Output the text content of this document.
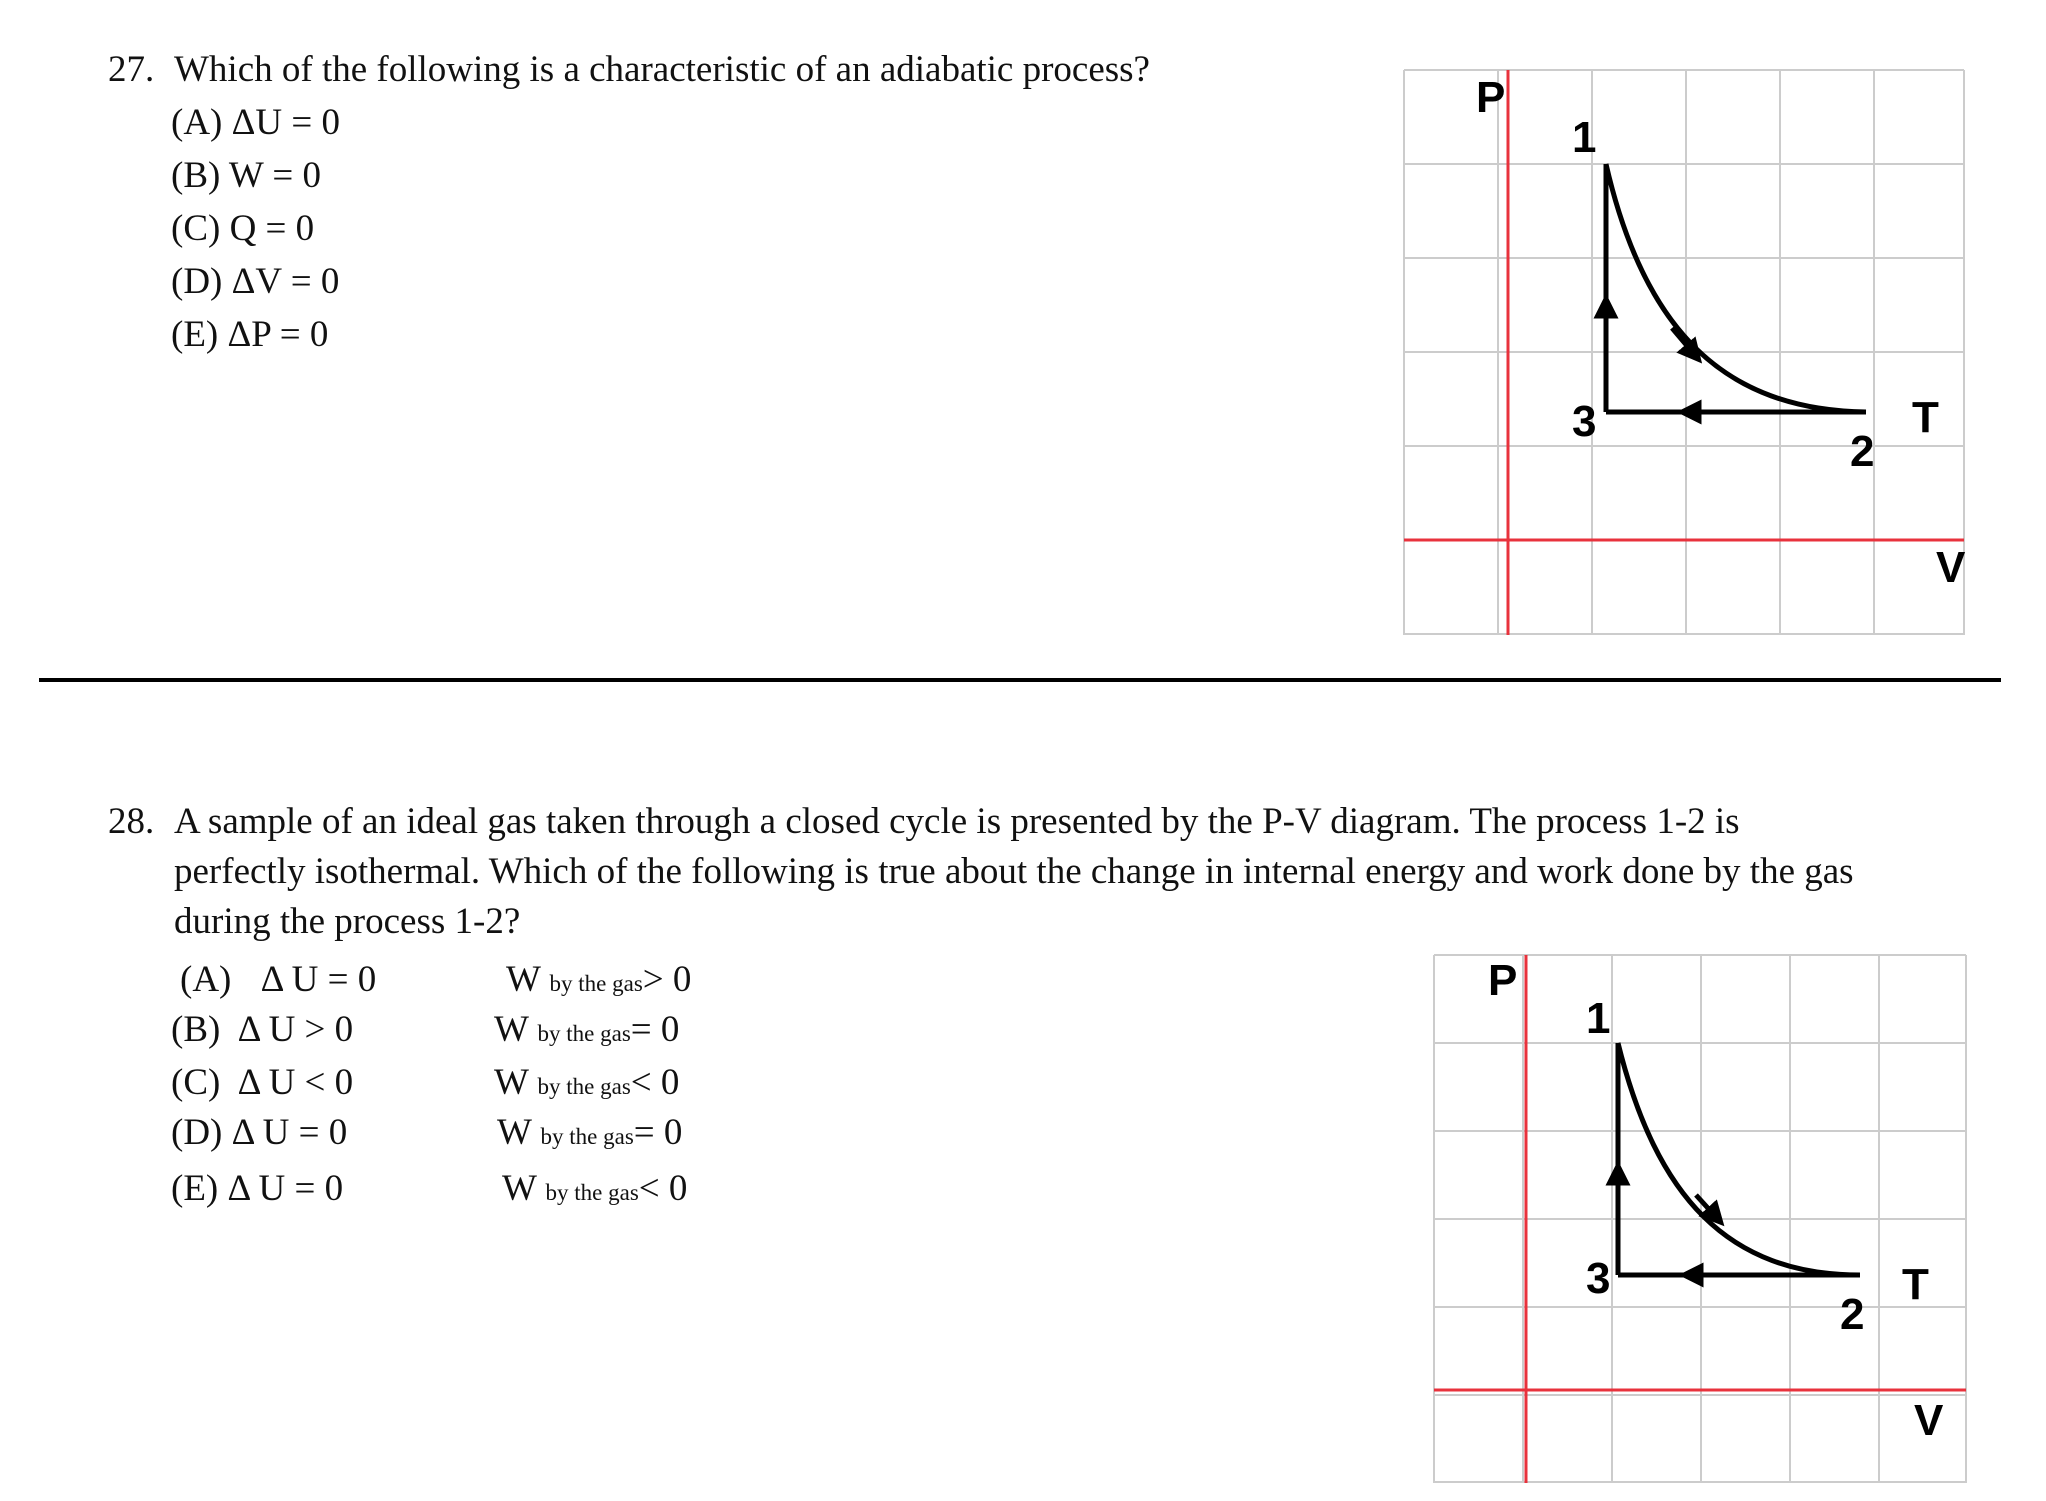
27. Which of the following is a characteristic of an adiabatic process?
(A) ΔU = 0
(B) W = 0
(C) Q = 0
(D) ΔV = 0
(E) ΔP = 0
P
1
3
2
T
V
28. A sample of an ideal gas taken through a closed cycle is presented by the P-V diagram. The process 1-2 is
perfectly isothermal. Which of the following is true about the change in internal energy and work done by the gas
during the process 1-2?
(A) Δ U = 0	W by the gas> 0
(B) Δ U > 0	W by the gas= 0
(C) Δ U < 0	W by the gas< 0
(D) Δ U = 0	W by the gas= 0
(E) Δ U = 0	W by the gas< 0
P
1
3
2
T
V
